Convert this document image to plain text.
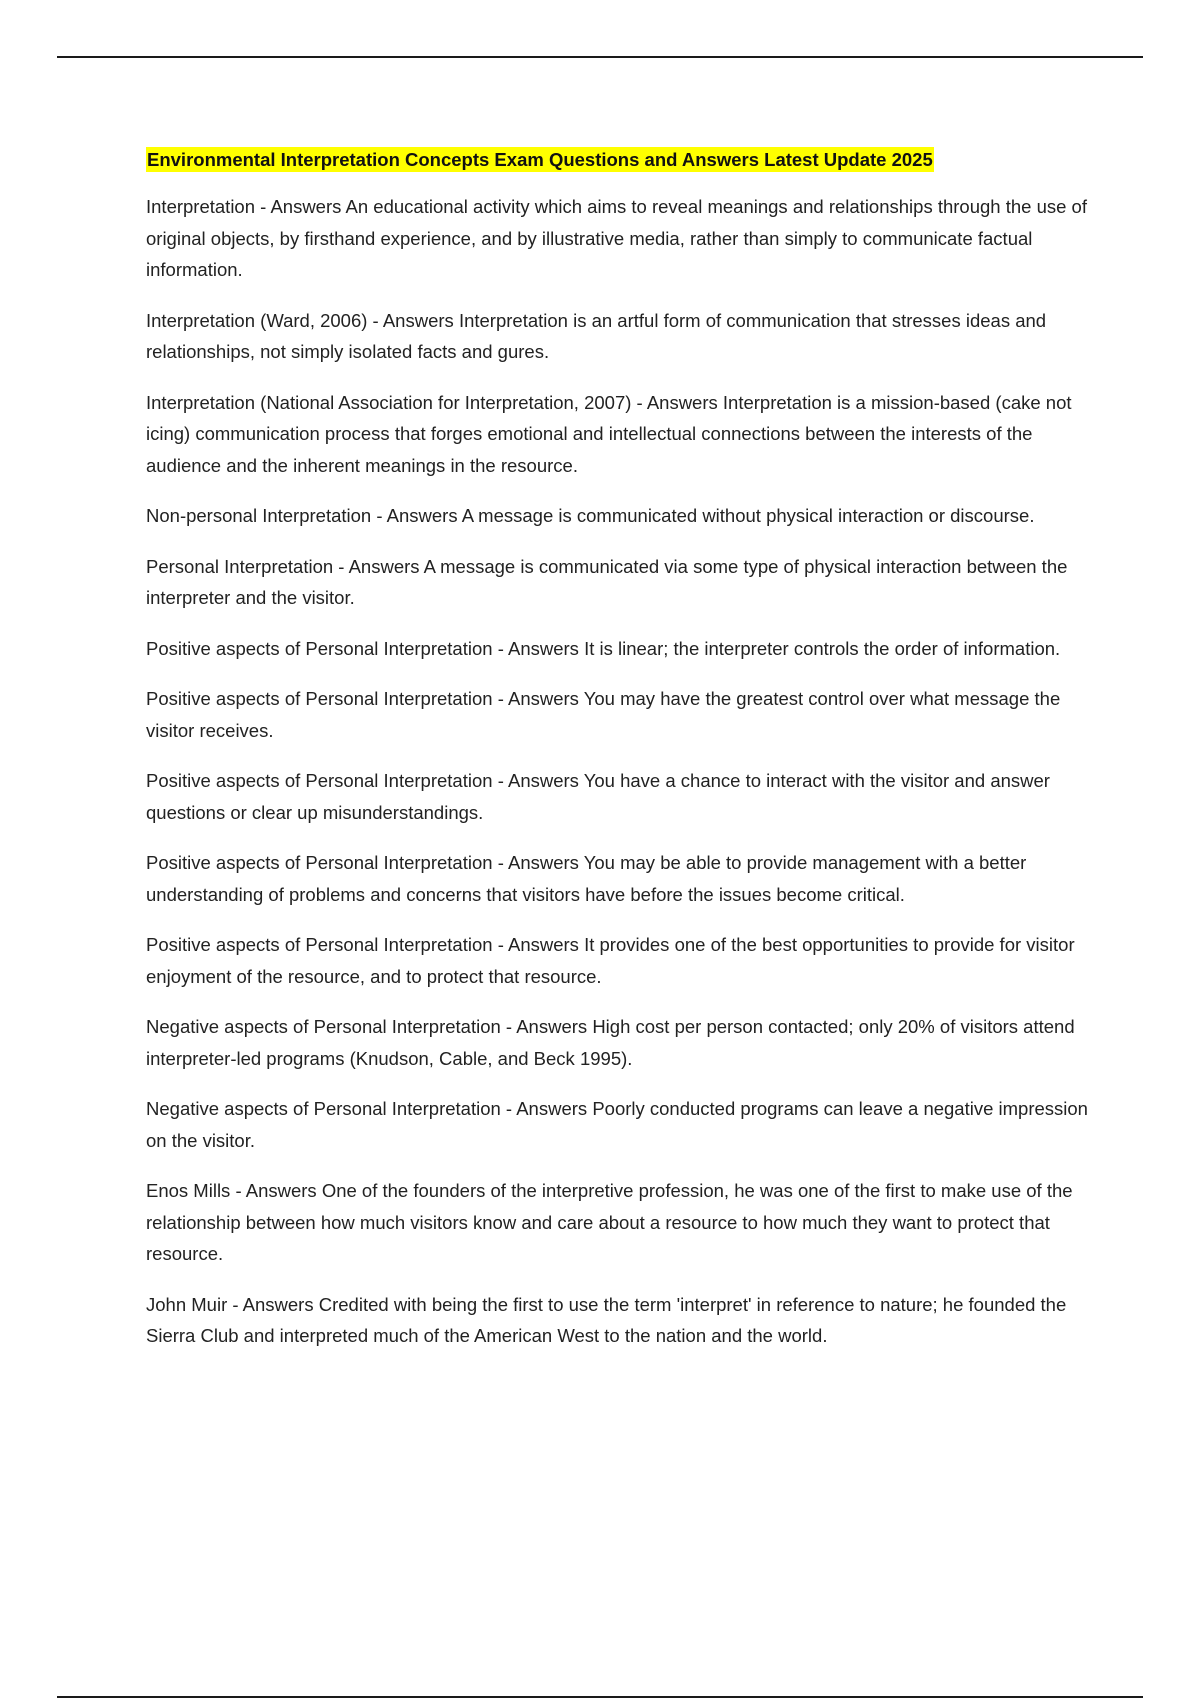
Environmental Interpretation Concepts Exam Questions and Answers Latest Update 2025

Interpretation - Answers An educational activity which aims to reveal meanings and relationships through the use of original objects, by firsthand experience, and by illustrative media, rather than simply to communicate factual information.

Interpretation (Ward, 2006) - Answers Interpretation is an artful form of communication that stresses ideas and relationships, not simply isolated facts and gures.

Interpretation (National Association for Interpretation, 2007) - Answers Interpretation is a mission-based (cake not icing) communication process that forges emotional and intellectual connections between the interests of the audience and the inherent meanings in the resource.

Non-personal Interpretation - Answers A message is communicated without physical interaction or discourse.

Personal Interpretation - Answers A message is communicated via some type of physical interaction between the interpreter and the visitor.

Positive aspects of Personal Interpretation - Answers It is linear; the interpreter controls the order of information.

Positive aspects of Personal Interpretation - Answers You may have the greatest control over what message the visitor receives.

Positive aspects of Personal Interpretation - Answers You have a chance to interact with the visitor and answer questions or clear up misunderstandings.

Positive aspects of Personal Interpretation - Answers You may be able to provide management with a better understanding of problems and concerns that visitors have before the issues become critical.

Positive aspects of Personal Interpretation - Answers It provides one of the best opportunities to provide for visitor enjoyment of the resource, and to protect that resource.

Negative aspects of Personal Interpretation - Answers High cost per person contacted; only 20% of visitors attend interpreter-led programs (Knudson, Cable, and Beck 1995).

Negative aspects of Personal Interpretation - Answers Poorly conducted programs can leave a negative impression on the visitor.

Enos Mills - Answers One of the founders of the interpretive profession, he was one of the first to make use of the relationship between how much visitors know and care about a resource to how much they want to protect that resource.

John Muir - Answers Credited with being the first to use the term 'interpret' in reference to nature; he founded the Sierra Club and interpreted much of the American West to the nation and the world.
